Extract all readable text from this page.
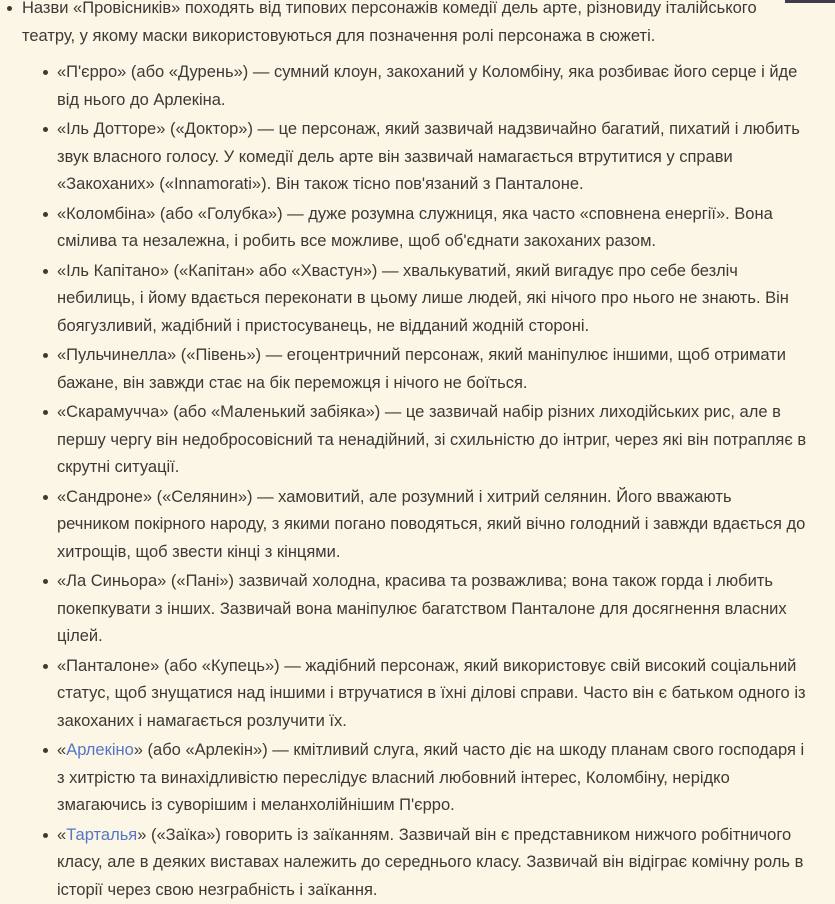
Назви «Провісників» походять від типових персонажів комедії дель арте, різновиду італійського театру, у якому маски використовуються для позначення ролі персонажа в сюжеті.
«П'єрро» (або «Дурень») — сумний клоун, закоханий у Коломбіну, яка розбиває його серце і йде від нього до Арлекіна.
«Іль Дотторе» («Доктор») — це персонаж, який зазвичай надзвичайно багатий, пихатий і любить звук власного голосу. У комедії дель арте він зазвичай намагається втрутитися у справи «Закоханих» («Innamorati»). Він також тісно пов'язаний з Панталоне.
«Коломбіна» (або «Голубка») — дуже розумна служниця, яка часто «сповнена енергії». Вона смілива та незалежна, і робить все можливе, щоб об'єднати закоханих разом.
«Іль Капітано» («Капітан» або «Хвастун») — хвалькуватий, який вигадує про себе безліч небилиць, і йому вдається переконати в цьому лише людей, які нічого про нього не знають. Він боягузливий, жадібний і пристосуванець, не відданий жодній стороні.
«Пульчинелла» («Півень») — егоцентричний персонаж, який маніпулює іншими, щоб отримати бажане, він завжди стає на бік переможця і нічого не боїться.
«Скарамучча» (або «Маленький забіяка») — це зазвичай набір різних лиходійських рис, але в першу чергу він недобросовісний та ненадійний, зі схильністю до інтриг, через які він потрапляє в скрутні ситуації.
«Сандроне» («Селянин») — хамовитий, але розумний і хитрий селянин. Його вважають речником покірного народу, з якими погано поводяться, який вічно голодний і завжди вдається до хитрощів, щоб звести кінці з кінцями.
«Ла Синьора» («Пані») зазвичай холодна, красива та розважлива; вона також горда і любить покепкувати з інших. Зазвичай вона маніпулює багатством Панталоне для досягнення власних цілей.
«Панталоне» (або «Купець») — жадібний персонаж, який використовує свій високий соціальний статус, щоб знущатися над іншими і втручатися в їхні ділові справи. Часто він є батьком одного із закоханих і намагається розлучити їх.
«Арлекіно» (або «Арлекін») — кмітливий слуга, який часто діє на шкоду планам свого господаря і з хитрістю та винахідливістю переслідує власний любовний інтерес, Коломбіну, нерідко змагаючись із суворішим і меланхолійнішим П'єрро.
«Тарталья» («Заїка») говорить із заїканням. Зазвичай він є представником нижчого робітничого класу, але в деяких виставах належить до середнього класу. Зазвичай він відіграє комічну роль в історії через свою незграбність і заїкання.
